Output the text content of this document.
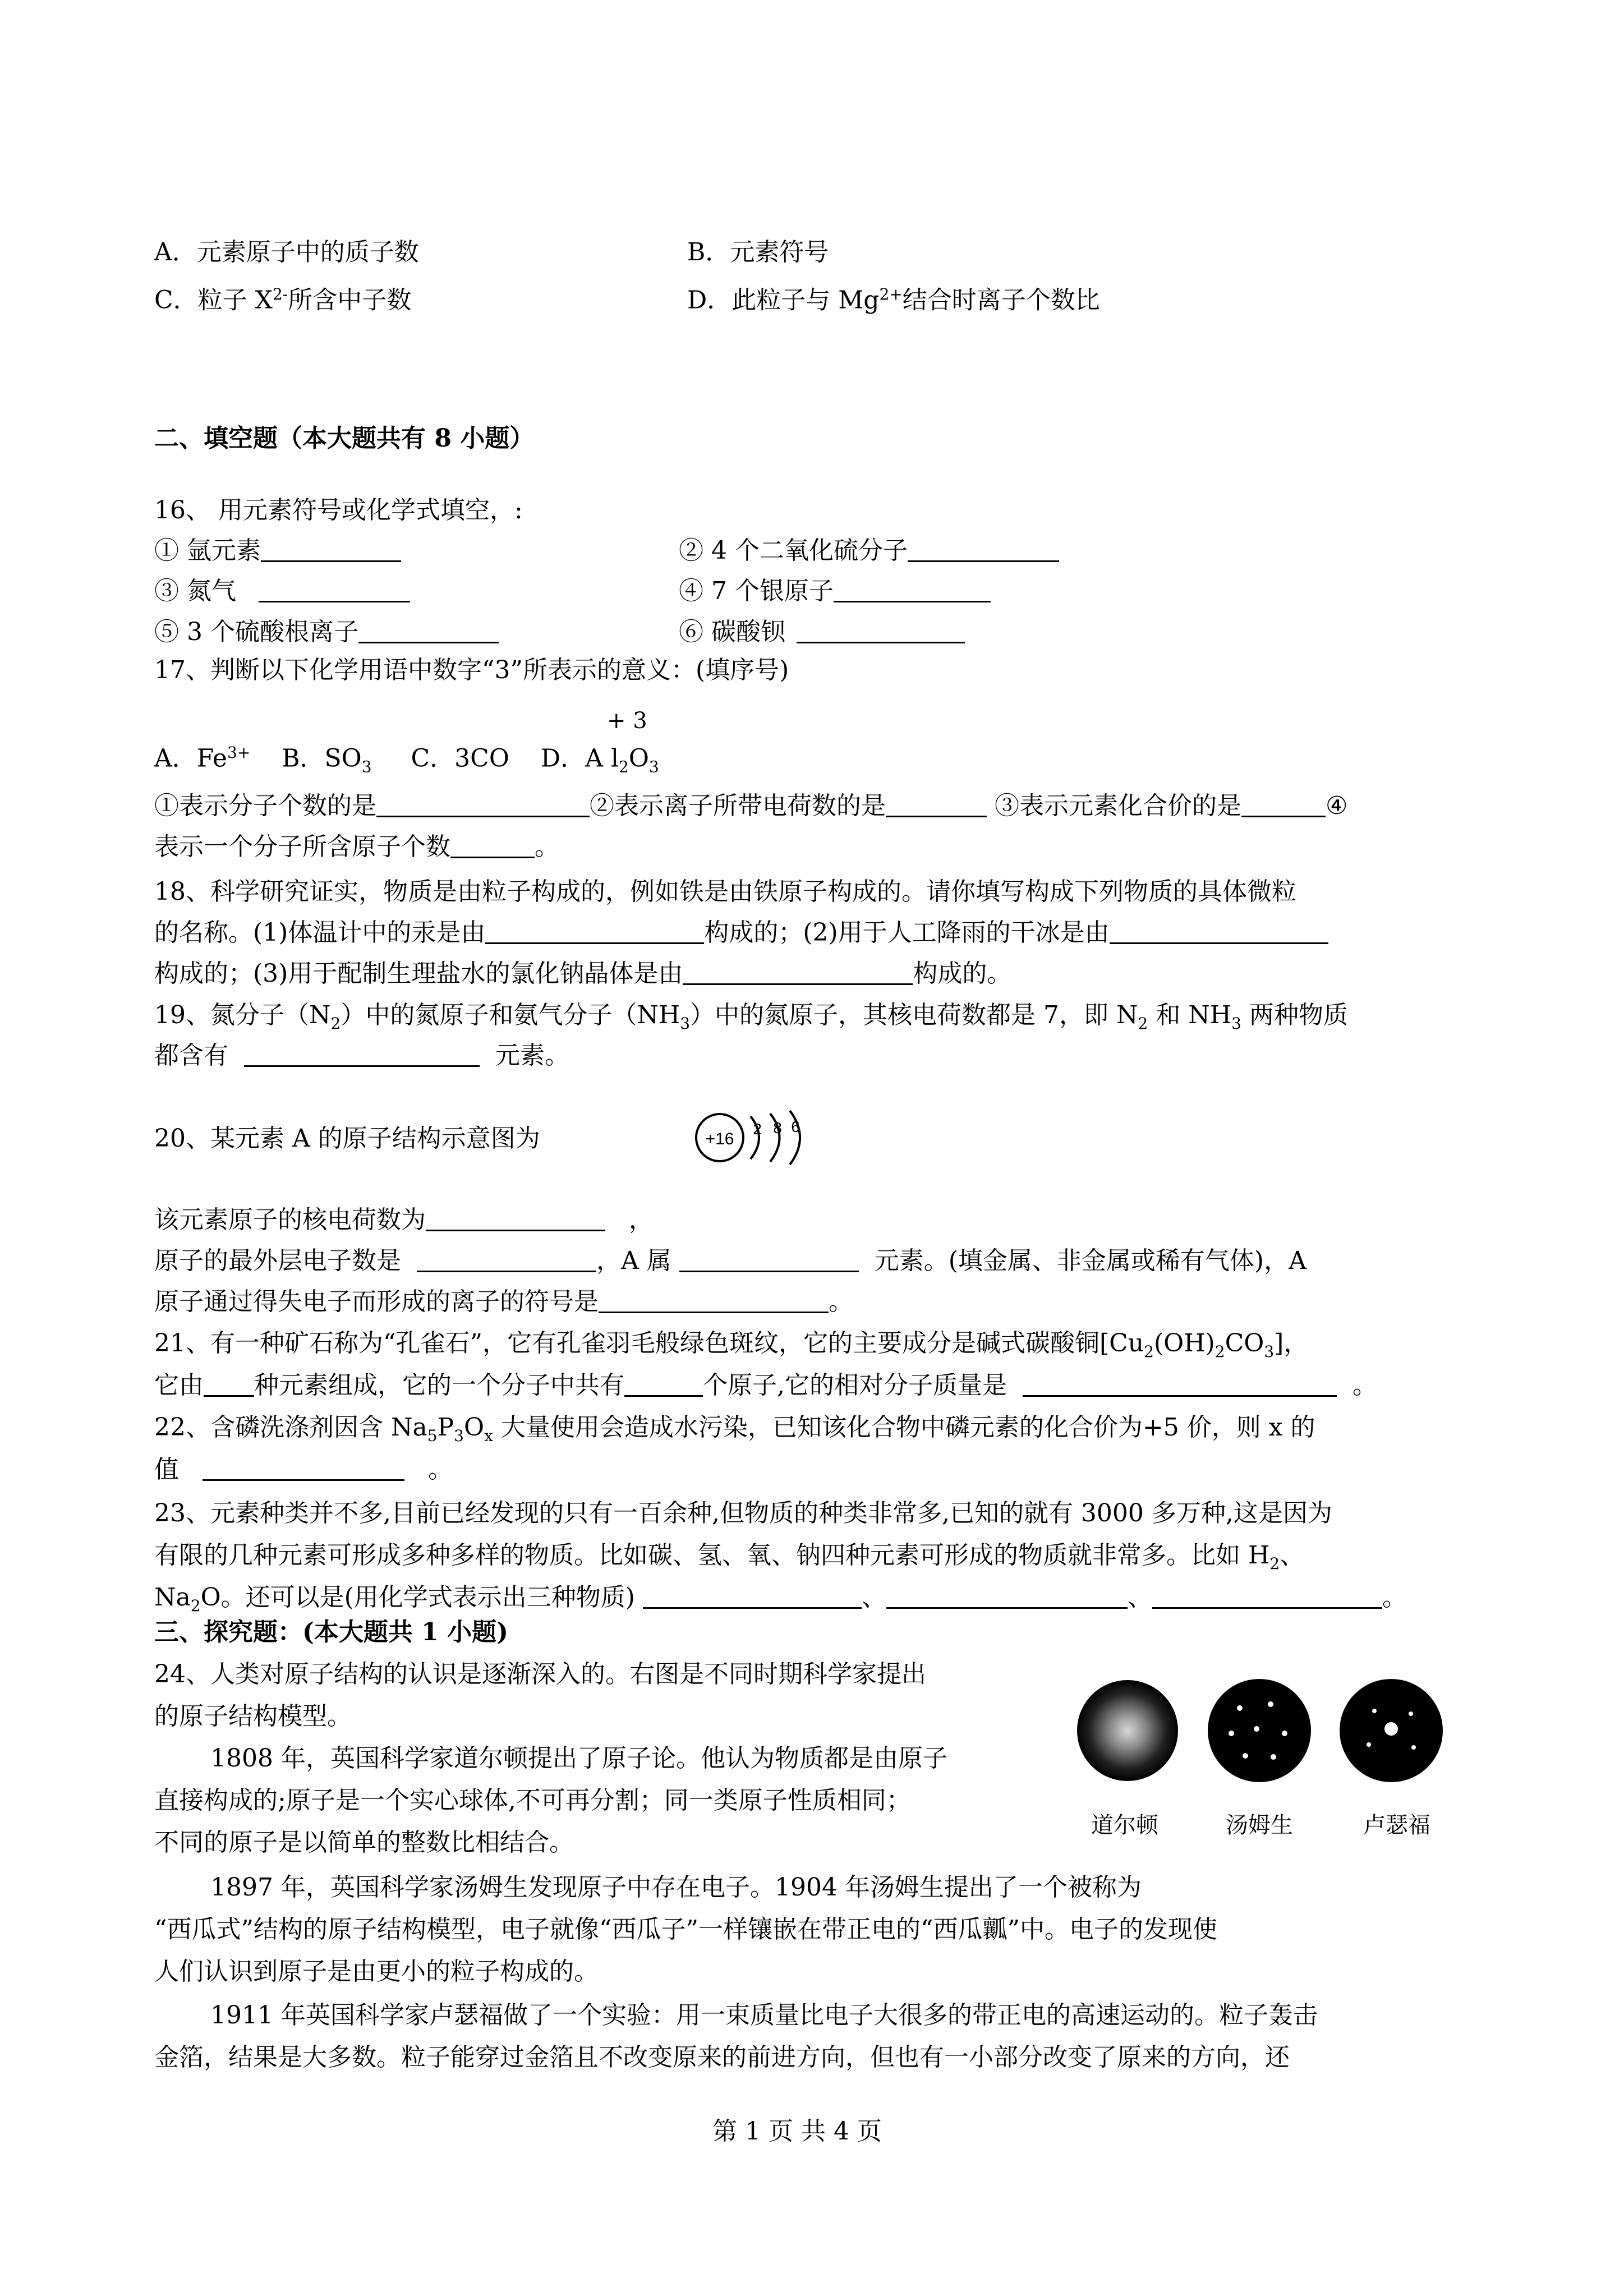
A．元素原子中的质子数	B．元素符号
C．粒子 $X^{2-}$所含中子数	D．此粒子与 $Mg^{2+}$结合时离子个数比
二、填空题（本大题共有 8 小题）
16、 用元素符号或化学式填空，:
① 氩元素	② 4 个二氧化硫分子
③ 氮气	④ 7 个银原子
⑤ 3 个硫酸根离子	⑥ 碳酸钡
17、判断以下化学用语中数字“3”所表示的意义：(填序号)
+ 3
A．$Fe^{3+}$ B．$SO_3$ C．3CO D．A $l_2O_3$
①表示分子个数的是	②表示离子所带电荷数的是	③表示元素化合价的是	④
表示一个分子所含原子个数	。
18、科学研究证实，物质是由粒子构成的，例如铁是由铁原子构成的。请你填写构成下列物质的具体微粒
的名称。(1)体温计中的汞是由	构成的；(2)用于人工降雨的干冰是由
构成的；(3)用于配制生理盐水的氯化钠晶体是由	构成的。
19、氮分子$(N_2)$中的氮原子和氨气分子$(NH_3)$中的氮原子，其核电荷数都是 7，即 $N_2$ 和 $NH_3$ 两种物质
都含有	元素。
20、某元素 A 的原子结构示意图为	+16
2 8 6
该元素原子的核电荷数为	，
原子的最外层电子数是	，A 属	元素。(填金属、非金属或稀有气体)，A
原子通过得失电子而形成的离子的符号是	。
21、有一种矿石称为“孔雀石”，它有孔雀羽毛般绿色斑纹，它的主要成分是碱式碳酸铜$[Cu_2(OH)_2CO_3]$，
它由 种元素组成，它的一个分子中共有	个原子,它的相对分子质量是	。
22、含磷洗涤剂因含 $Na_5P_3O_x$ 大量使用会造成水污染，已知该化合物中磷元素的化合价为+5 价，则 x 的
值	。
23、元素种类并不多,目前已经发现的只有一百余种,但物质的种类非常多,已知的就有 3000 多万种,这是因为
有限的几种元素可形成多种多样的物质。比如碳、氢、氧、钠四种元素可形成的物质就非常多。比如 $H_2$、
$Na_2O$。还可以是(用化学式表示出三种物质)	、	、	。
三、探究题：(本大题共 1 小题)
24、人类对原子结构的认识是逐渐深入的。右图是不同时期科学家提出
的原子结构模型。
1808 年，英国科学家道尔顿提出了原子论。他认为物质都是由原子
直接构成的;原子是一个实心球体,不可再分割；同一类原子性质相同；
不同的原子是以简单的整数比相结合。
1897 年，英国科学家汤姆生发现原子中存在电子。1904 年汤姆生提出了一个被称为
“西瓜式”结构的原子结构模型，电子就像“西瓜子”一样镶嵌在带正电的“西瓜瓤”中。电子的发现使
人们认识到原子是由更小的粒子构成的。
1911 年英国科学家卢瑟福做了一个实验：用一束质量比电子大很多的带正电的高速运动的。粒子轰击
金箔，结果是大多数。粒子能穿过金箔且不改变原来的前进方向，但也有一小部分改变了原来的方向，还
道尔顿	汤姆生	卢瑟福
第 1 页 共 4 页
